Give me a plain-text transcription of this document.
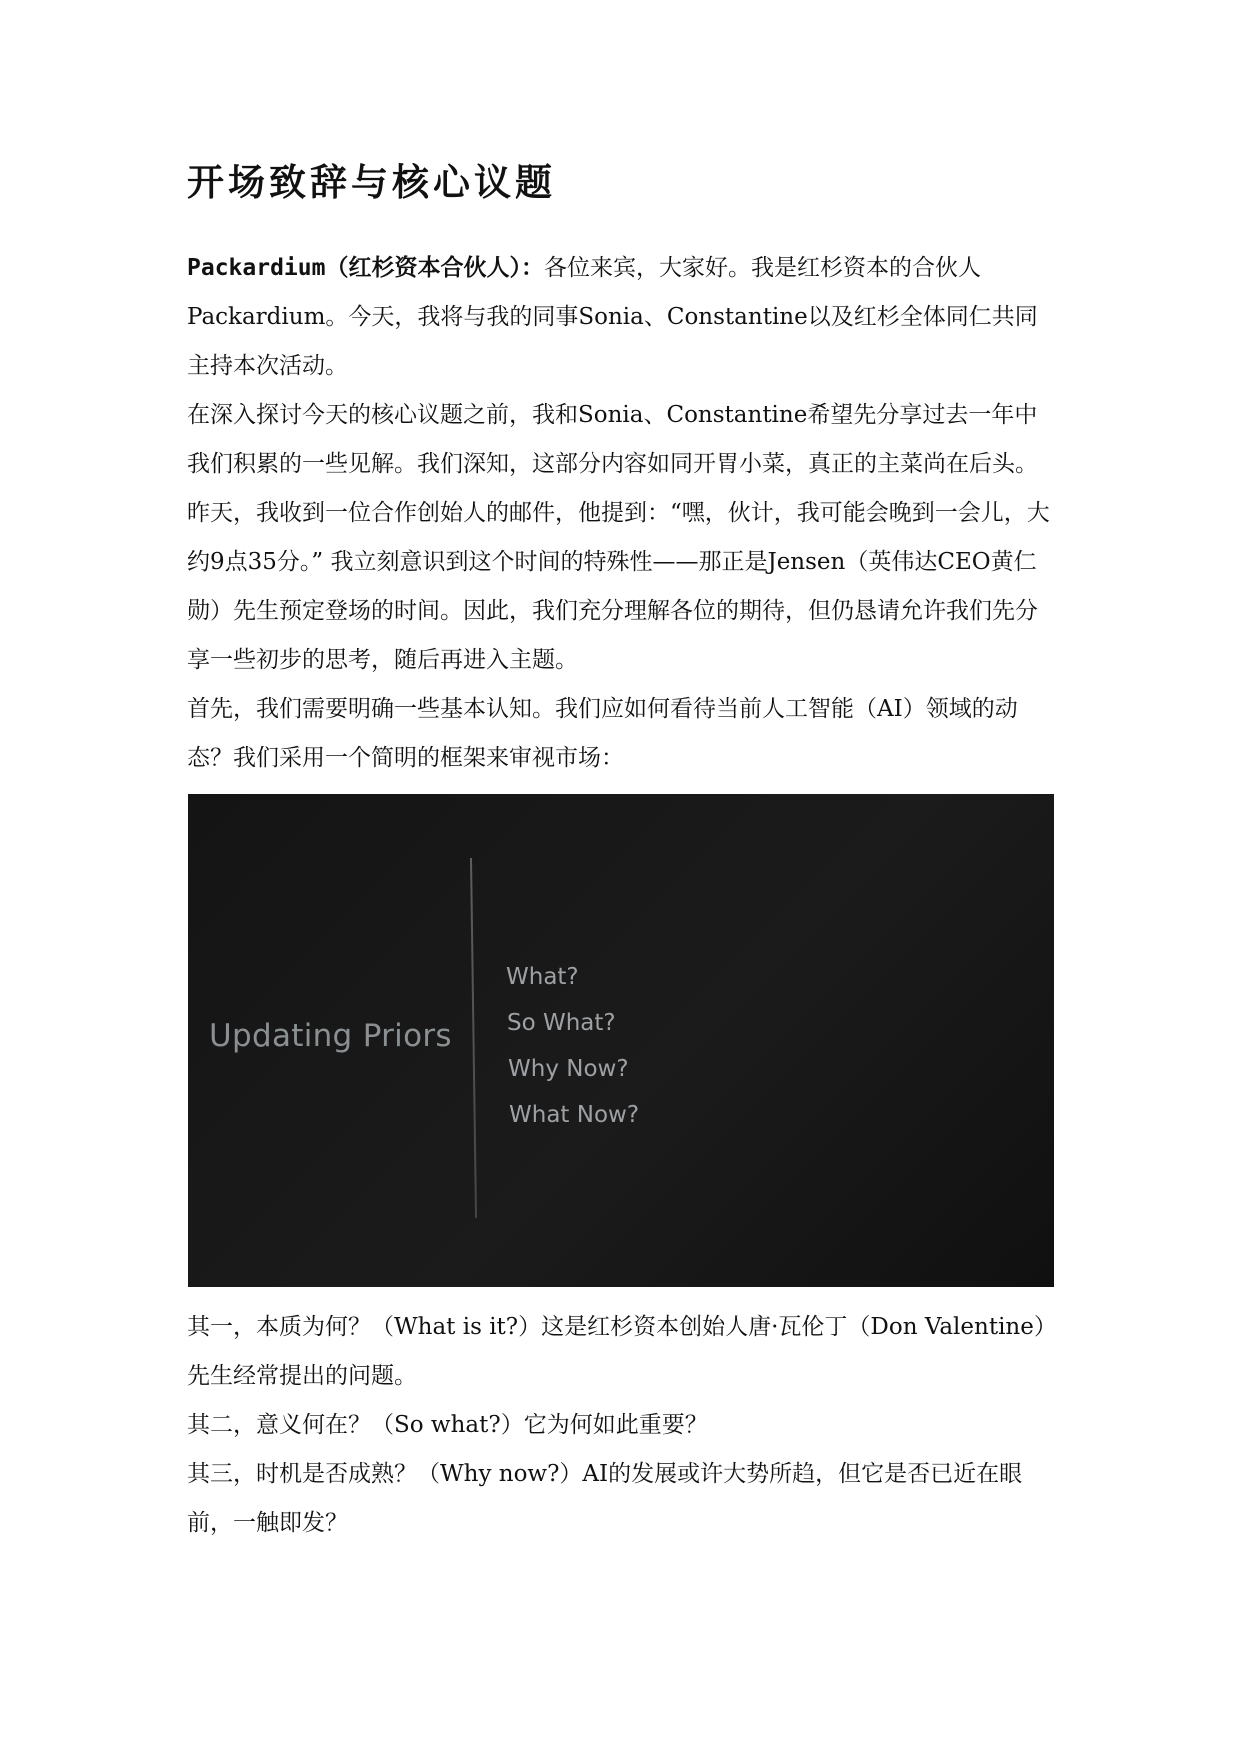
开场致辞与核心议题

Packardium（红杉资本合伙人）：各位来宾，大家好。我是红杉资本的合伙人Packardium。今天，我将与我的同事Sonia、Constantine以及红杉全体同仁共同主持本次活动。

在深入探讨今天的核心议题之前，我和Sonia、Constantine希望先分享过去一年中我们积累的一些见解。我们深知，这部分内容如同开胃小菜，真正的主菜尚在后头。昨天，我收到一位合作创始人的邮件，他提到：“嘿，伙计，我可能会晚到一会儿，大约9点35分。” 我立刻意识到这个时间的特殊性——那正是Jensen（英伟达CEO黄仁勋）先生预定登场的时间。因此，我们充分理解各位的期待，但仍恳请允许我们先分享一些初步的思考，随后再进入主题。

首先，我们需要明确一些基本认知。我们应如何看待当前人工智能（AI）领域的动态？我们采用一个简明的框架来审视市场：

Updating Priors
What?
So What?
Why Now?
What Now?

其一，本质为何？（What is it?）这是红杉资本创始人唐·瓦伦丁（Don Valentine）先生经常提出的问题。

其二，意义何在？（So what?）它为何如此重要？

其三，时机是否成熟？（Why now?）AI的发展或许大势所趋，但它是否已近在眼前，一触即发？
